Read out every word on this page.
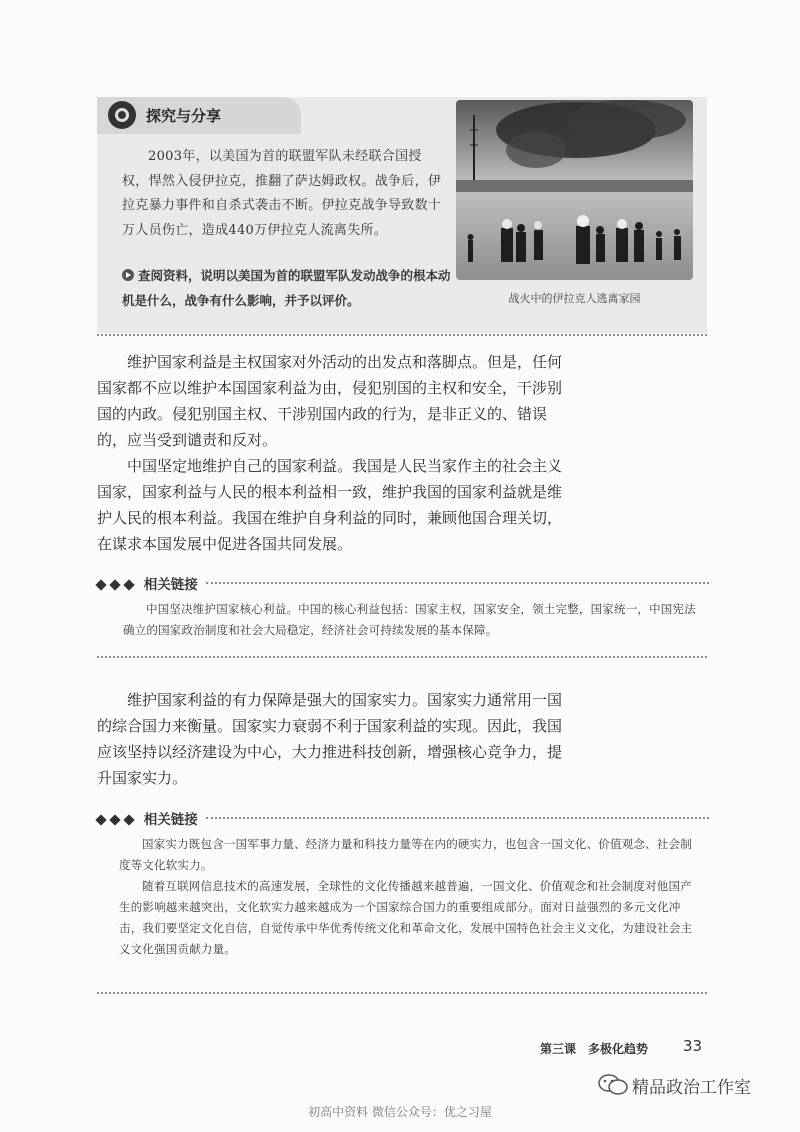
探究与分享

2003年，以美国为首的联盟军队未经联合国授权，悍然入侵伊拉克，推翻了萨达姆政权。战争后，伊拉克暴力事件和自杀式袭击不断。伊拉克战争导致数十万人员伤亡，造成440万伊拉克人流离失所。

查阅资料，说明以美国为首的联盟军队发动战争的根本动机是什么，战争有什么影响，并予以评价。	战火中的伊拉克人逃离家园

维护国家利益是主权国家对外活动的出发点和落脚点。但是，任何国家都不应以维护本国国家利益为由，侵犯别国的主权和安全，干涉别国的内政。侵犯别国主权、干涉别国内政的行为，是非正义的、错误的，应当受到谴责和反对。

中国坚定地维护自己的国家利益。我国是人民当家作主的社会主义国家，国家利益与人民的根本利益相一致，维护我国的国家利益就是维护人民的根本利益。我国在维护自身利益的同时，兼顾他国合理关切，在谋求本国发展中促进各国共同发展。

相关链接

中国坚决维护国家核心利益。中国的核心利益包括：国家主权，国家安全，领土完整，国家统一，中国宪法确立的国家政治制度和社会大局稳定，经济社会可持续发展的基本保障。

维护国家利益的有力保障是强大的国家实力。国家实力通常用一国的综合国力来衡量。国家实力衰弱不利于国家利益的实现。因此，我国应该坚持以经济建设为中心，大力推进科技创新，增强核心竞争力，提升国家实力。

相关链接

国家实力既包含一国军事力量、经济力量和科技力量等在内的硬实力，也包含一国文化、价值观念、社会制度等文化软实力。

随着互联网信息技术的高速发展，全球性的文化传播越来越普遍，一国文化、价值观念和社会制度对他国产生的影响越来越突出，文化软实力越来越成为一个国家综合国力的重要组成部分。面对日益强烈的多元文化冲击，我们要坚定文化自信，自觉传承中华优秀传统文化和革命文化，发展中国特色社会主义文化，为建设社会主义文化强国贡献力量。

第三课　多极化趋势 33
精品政治工作室
初高中资料 微信公众号：优之习屋
